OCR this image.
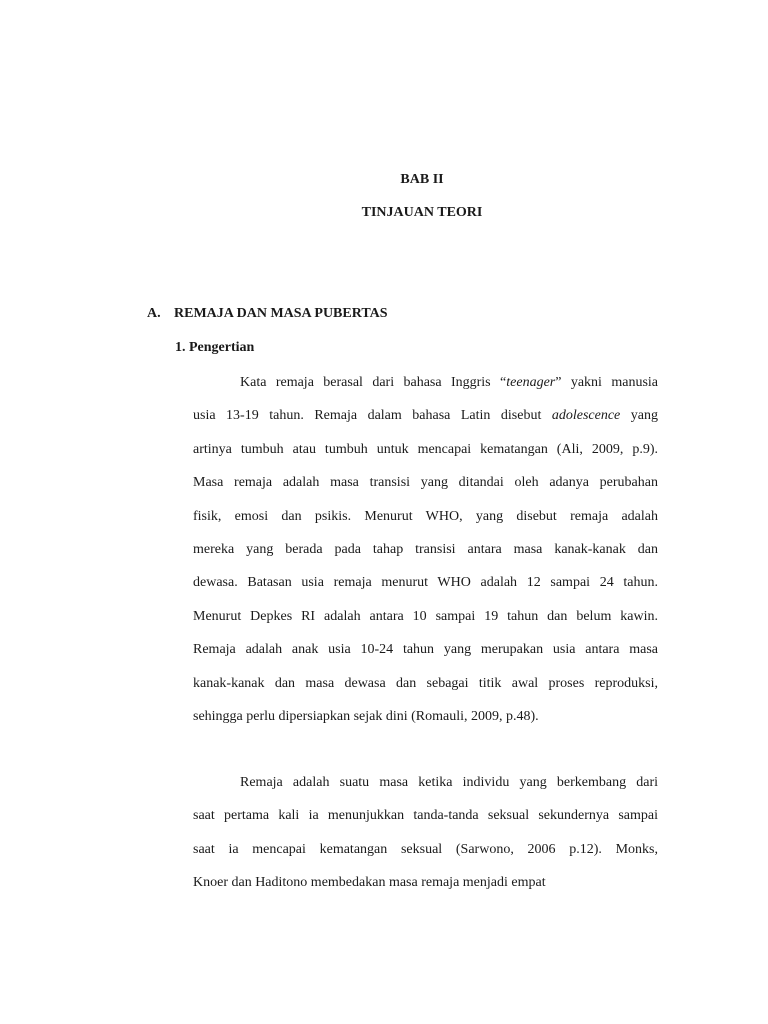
BAB II
TINJAUAN TEORI
A. REMAJA DAN MASA PUBERTAS
1. Pengertian
Kata remaja berasal dari bahasa Inggris “teenager” yakni manusia
usia 13-19 tahun. Remaja dalam bahasa Latin disebut adolescence yang
artinya tumbuh atau tumbuh untuk mencapai kematangan (Ali, 2009, p.9).
Masa remaja adalah masa transisi yang ditandai oleh adanya perubahan
fisik, emosi dan psikis. Menurut WHO, yang disebut remaja adalah
mereka yang berada pada tahap transisi antara masa kanak-kanak dan
dewasa. Batasan usia remaja menurut WHO adalah 12 sampai 24 tahun.
Menurut Depkes RI adalah antara 10 sampai 19 tahun dan belum kawin.
Remaja adalah anak usia 10-24 tahun yang merupakan usia antara masa
kanak-kanak dan masa dewasa dan sebagai titik awal proses reproduksi,
sehingga perlu dipersiapkan sejak dini (Romauli, 2009, p.48).
Remaja adalah suatu masa ketika individu yang berkembang dari
saat pertama kali ia menunjukkan tanda-tanda seksual sekundernya sampai
saat ia mencapai kematangan seksual (Sarwono, 2006 p.12). Monks,
Knoer dan Haditono membedakan masa remaja menjadi empat
